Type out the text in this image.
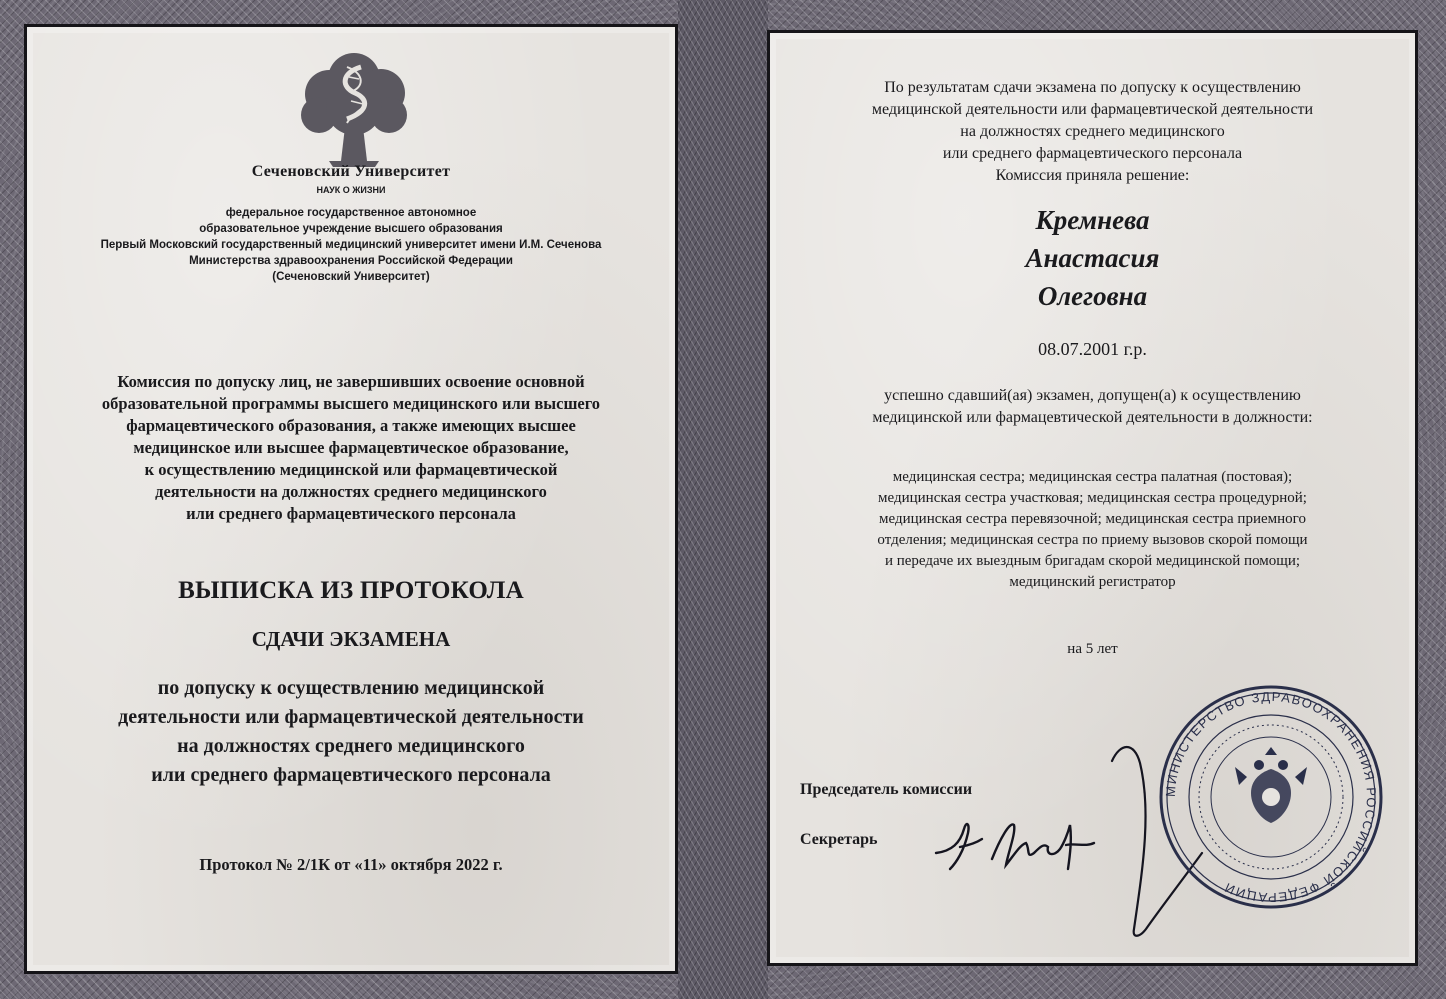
Сеченовский Университет
НАУК О ЖИЗНИ
федеральное государственное автономное
образовательное учреждение высшего образования
Первый Московский государственный медицинский университет имени И.М. Сеченова
Министерства здравоохранения Российской Федерации
(Сеченовский Университет)
Комиссия по допуску лиц, не завершивших освоение основной
образовательной программы высшего медицинского или высшего
фармацевтического образования, а также имеющих высшее
медицинское или высшее фармацевтическое образование,
к осуществлению медицинской или фармацевтической
деятельности на должностях среднего медицинского
или среднего фармацевтического персонала
ВЫПИСКА ИЗ ПРОТОКОЛА
СДАЧИ ЭКЗАМЕНА
по допуску к осуществлению медицинской
деятельности или фармацевтической деятельности
на должностях среднего медицинского
или среднего фармацевтического персонала
Протокол № 2/1К от «11» октября 2022 г.
По результатам сдачи экзамена по допуску к осуществлению
медицинской деятельности или фармацевтической деятельности
на должностях среднего медицинского
или среднего фармацевтического персонала
Комиссия приняла решение:
Кремнева
Анастасия
Олеговна
08.07.2001 г.р.
успешно сдавший(ая) экзамен, допущен(а) к осуществлению
медицинской или фармацевтической деятельности в должности:
медицинская сестра; медицинская сестра палатная (постовая);
медицинская сестра участковая; медицинская сестра процедурной;
медицинская сестра перевязочной; медицинская сестра приемного
отделения; медицинская сестра по приему вызовов скорой помощи
и передаче их выездным бригадам скорой медицинской помощи;
медицинский регистратор
на 5 лет
Председатель комиссии
Секретарь
МИНИСТЕРСТВО ЗДРАВООХРАНЕНИЯ РОССИЙСКОЙ ФЕДЕРАЦИИ
